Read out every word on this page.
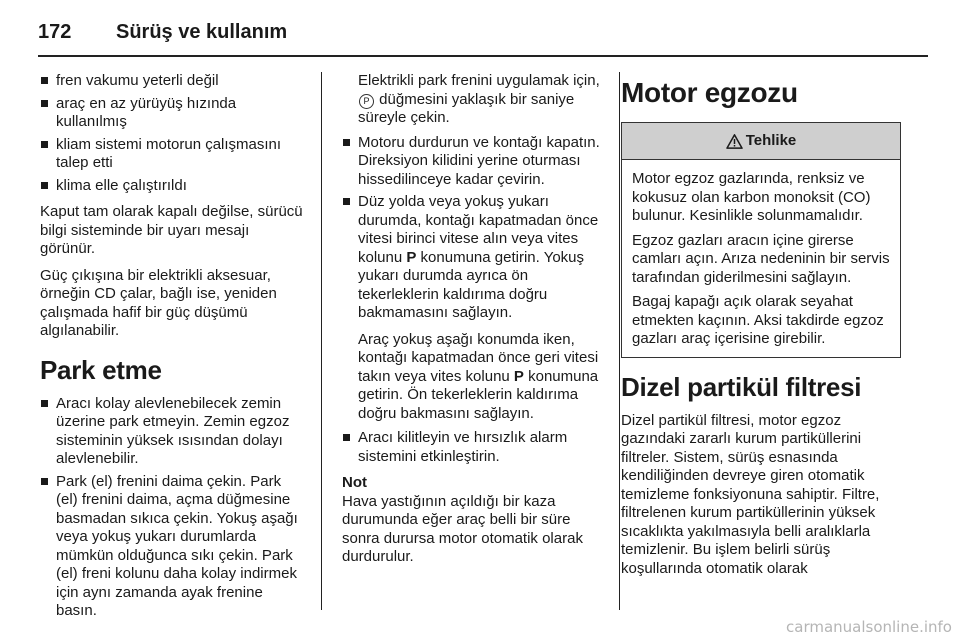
172 Sürüş ve kullanım
fren vakumu yeterli değil
araç en az yürüyüş hızında kullanılmış
kliam sistemi motorun çalışmasını talep etti
klima elle çalıştırıldı

Kaput tam olarak kapalı değilse, sürücü bilgi sisteminde bir uyarı mesajı görünür.

Güç çıkışına bir elektrikli aksesuar, örneğin CD çalar, bağlı ise, yeniden çalışmada hafif bir güç düşümü algılanabilir.

Park etme
Aracı kolay alevlenebilecek zemin üzerine park etmeyin. Zemin egzoz sisteminin yüksek ısısından dolayı alevlenebilir.
Park (el) frenini daima çekin. Park (el) frenini daima, açma düğmesine basmadan sıkıca çekin. Yokuş aşağı veya yokuş yukarı durumlarda mümkün olduğunca sıkı çekin. Park (el) freni kolunu daha kolay indirmek için aynı zamanda ayak frenine basın.

Elektrikli park frenini uygulamak için, P düğmesini yaklaşık bir saniye süreyle çekin.

Motoru durdurun ve kontağı kapatın. Direksiyon kilidini yerine oturması hissedilinceye kadar çevirin.
Düz yolda veya yokuş yukarı durumda, kontağı kapatmadan önce vitesi birinci vitese alın veya vites kolunu P konumuna getirin. Yokuş yukarı durumda ayrıca ön tekerleklerin kaldırıma doğru bakmamasını sağlayın.

Araç yokuş aşağı konumda iken, kontağı kapatmadan önce geri vitesi takın veya vites kolunu P konumuna getirin. Ön tekerleklerin kaldırıma doğru bakmasını sağlayın.

Aracı kilitleyin ve hırsızlık alarm sistemini etkinleştirin.

Not

Hava yastığının açıldığı bir kaza durumunda eğer araç belli bir süre sonra durursa motor otomatik olarak durdurulur.

Motor egzozu
Tehlike

Motor egzoz gazlarında, renksiz ve kokusuz olan karbon monoksit (CO) bulunur. Kesinlikle solunmamalıdır.

Egzoz gazları aracın içine girerse camları açın. Arıza nedeninin bir servis tarafından giderilmesini sağlayın.

Bagaj kapağı açık olarak seyahat etmekten kaçının. Aksi takdirde egzoz gazları araç içerisine girebilir.

Dizel partikül filtresi

Dizel partikül filtresi, motor egzoz gazındaki zararlı kurum partiküllerini filtreler. Sistem, sürüş esnasında kendiliğinden devreye giren otomatik temizleme fonksiyonuna sahiptir. Filtre, filtrelenen kurum partiküllerinin yüksek sıcaklıkta yakılmasıyla belli aralıklarla temizlenir. Bu işlem belirli sürüş koşullarında otomatik olarak

carmanualsonline.info
